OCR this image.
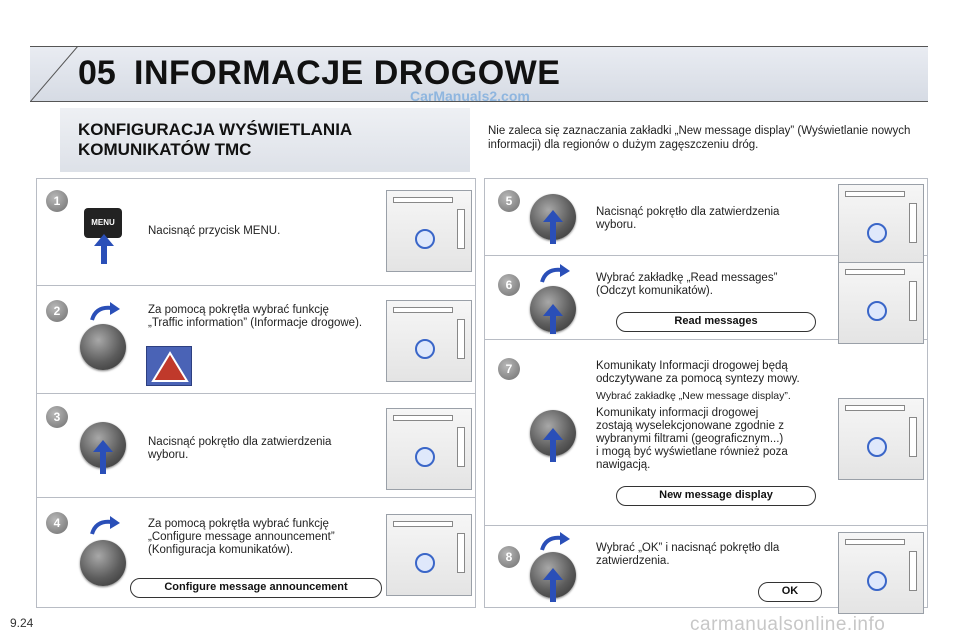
05 INFORMACJE DROGOWE
CarManuals2.com
KONFIGURACJA WYŚWIETLANIA
KOMUNIKATÓW TMC
Nie zaleca się zaznaczania zakładki „New message display” (Wyświetlanie nowych informacji) dla regionów o dużym zagęszczeniu dróg.
1
MENU
Nacisnąć przycisk MENU.
2	Za pomocą pokrętła wybrać funkcję
„Traffic information” (Informacje drogowe).
3
Nacisnąć pokrętło dla zatwierdzenia
wyboru.
4	Za pomocą pokrętła wybrać funkcję
„Configure message announcement”
(Konfiguracja komunikatów).
Configure message announcement
5
Nacisnąć pokrętło dla zatwierdzenia
wyboru.
6	Wybrać zakładkę „Read messages”
(Odczyt komunikatów).
Read messages
7	Komunikaty Informacji drogowej będą
odczytywane za pomocą syntezy mowy.
Wybrać zakładkę „New message display”.
Komunikaty informacji drogowej
zostają wyselekcjonowane zgodnie z
wybranymi filtrami (geograficznym...)
i mogą być wyświetlane również poza
nawigacją.
New message display
8
Wybrać „OK” i nacisnąć pokrętło dla
zatwierdzenia.
OK
9.24	carmanualsonline.info
